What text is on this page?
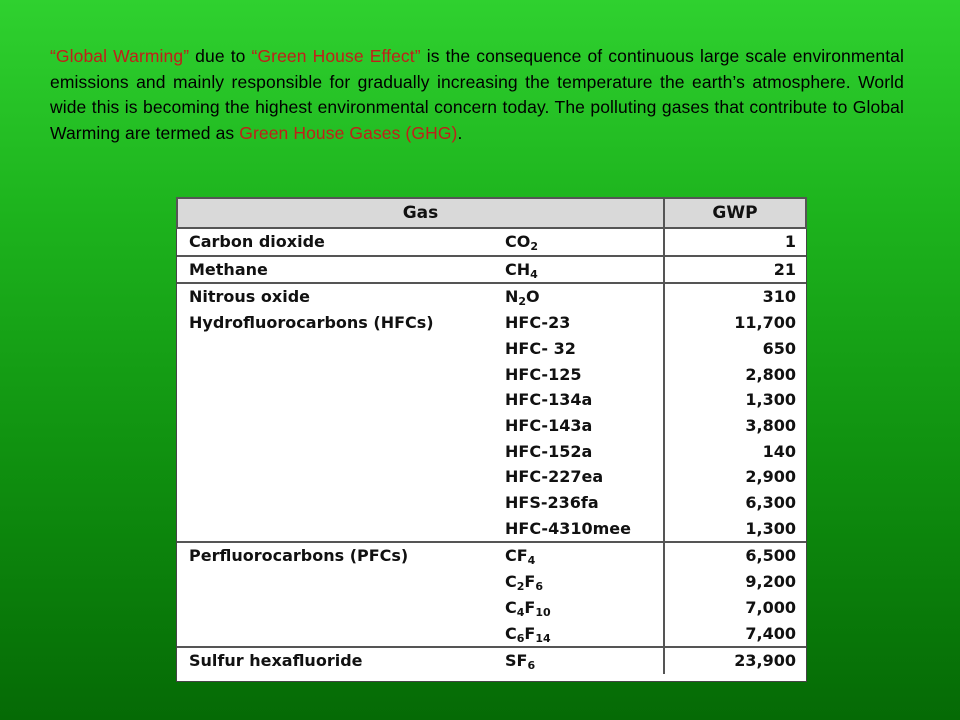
“Global Warming” due to “Green House Effect” is the consequence of continuous large scale environmental emissions and mainly responsible for gradually increasing the temperature the earth’s atmosphere. World wide this is becoming the highest environmental concern today. The polluting gases that contribute to Global Warming are termed as Green House Gases (GHG).
Gas		GWP
Carbon dioxide	$CO_2$	1
Methane	$CH_4$	21
Nitrous oxide	$N_2O$	310
Hydrofluorocarbons (HFCs)	HFC-23	11,700
	HFC- 32	650
	HFC-125	2,800
	HFC-134a	1,300
	HFC-143a	3,800
	HFC-152a	140
	HFC-227ea	2,900
	HFS-236fa	6,300
	HFC-4310mee	1,300
Perfluorocarbons (PFCs)	$CF_4$	6,500
	$C_2F_6$	9,200
	$C_4F_{10}$	7,000
	$C_6F_{14}$	7,400
Sulfur hexafluoride	$SF_6$	23,900
